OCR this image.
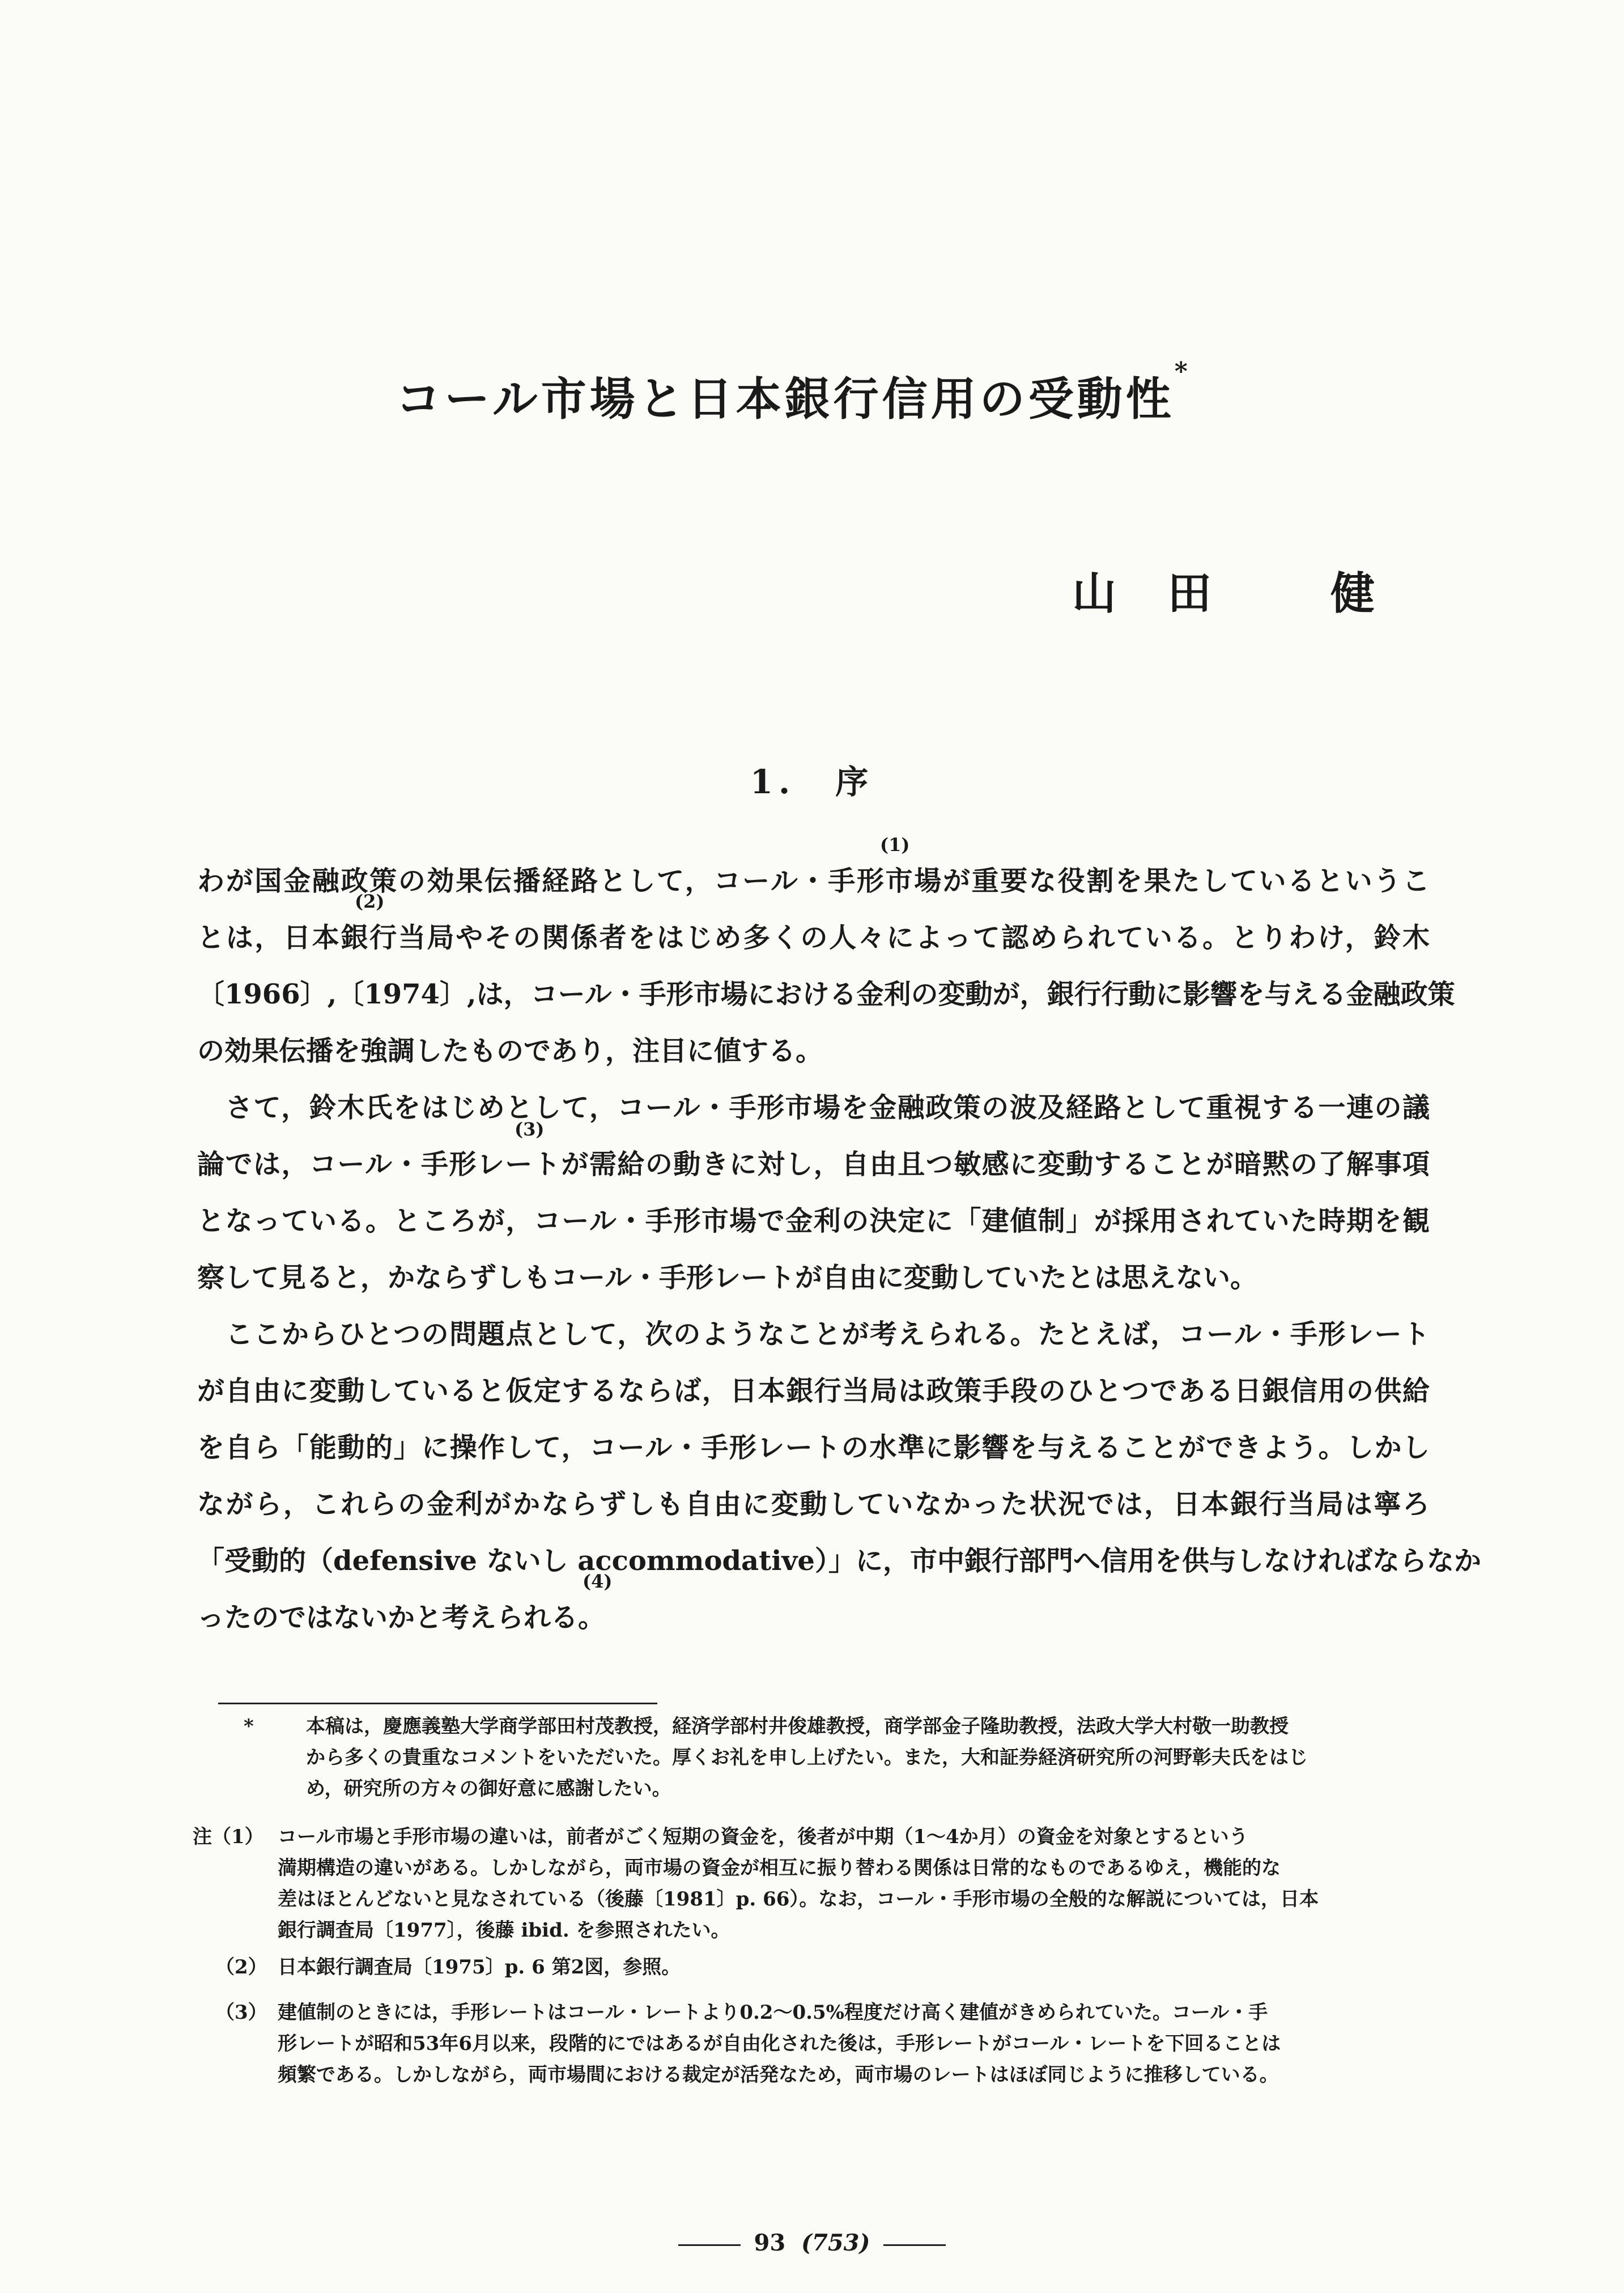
コール市場と日本銀行信用の受動性*
山 田	健
1. 序

わが国金融政策の効果伝播経路として，コール・手形市場が重要な役割を果たしているというこ
とは，日本銀行当局やその関係者をはじめ多くの人々によって認められている。とりわけ，鈴木
〔1966〕,〔1974〕,は，コール・手形市場における金利の変動が，銀行行動に影響を与える金融政策
の効果伝播を強調したものであり，注目に値する。

さて，鈴木氏をはじめとして，コール・手形市場を金融政策の波及経路として重視する一連の議
論では，コール・手形レートが需給の動きに対し，自由且つ敏感に変動することが暗黙の了解事項
となっている。ところが，コール・手形市場で金利の決定に「建値制」が採用されていた時期を観
察して見ると，かならずしもコール・手形レートが自由に変動していたとは思えない。

ここからひとつの問題点として，次のようなことが考えられる。たとえば，コール・手形レート
が自由に変動していると仮定するならば，日本銀行当局は政策手段のひとつである日銀信用の供給
を自ら「能動的」に操作して，コール・手形レートの水準に影響を与えることができよう。しかし
ながら，これらの金利がかならずしも自由に変動していなかった状況では，日本銀行当局は寧ろ
「受動的（defensive ないし accommodative）」に，市中銀行部門へ信用を供与しなければならなか
ったのではないかと考えられる。

(1)
(2)
(3)
(4)
*	本稿は，慶應義塾大学商学部田村茂教授，経済学部村井俊雄教授，商学部金子隆助教授，法政大学大村敬一助教授
から多くの貴重なコメントをいただいた。厚くお礼を申し上げたい。また，大和証券経済研究所の河野彰夫氏をはじ
め，研究所の方々の御好意に感謝したい。
注（1） コール市場と手形市場の違いは，前者がごく短期の資金を，後者が中期（1～4か月）の資金を対象とするという
満期構造の違いがある。しかしながら，両市場の資金が相互に振り替わる関係は日常的なものであるゆえ，機能的な
差はほとんどないと見なされている（後藤〔1981〕p. 66）。なお，コール・手形市場の全般的な解説については，日本
銀行調査局〔1977〕，後藤 ibid. を参照されたい。
（2） 日本銀行調査局〔1975〕p. 6 第2図，参照。
（3） 建値制のときには，手形レートはコール・レートより0.2～0.5%程度だけ高く建値がきめられていた。コール・手
形レートが昭和53年6月以来，段階的にではあるが自由化された後は，手形レートがコール・レートを下回ることは
頻繁である。しかしながら，両市場間における裁定が活発なため，両市場のレートはほぼ同じように推移している。
93 (753)
